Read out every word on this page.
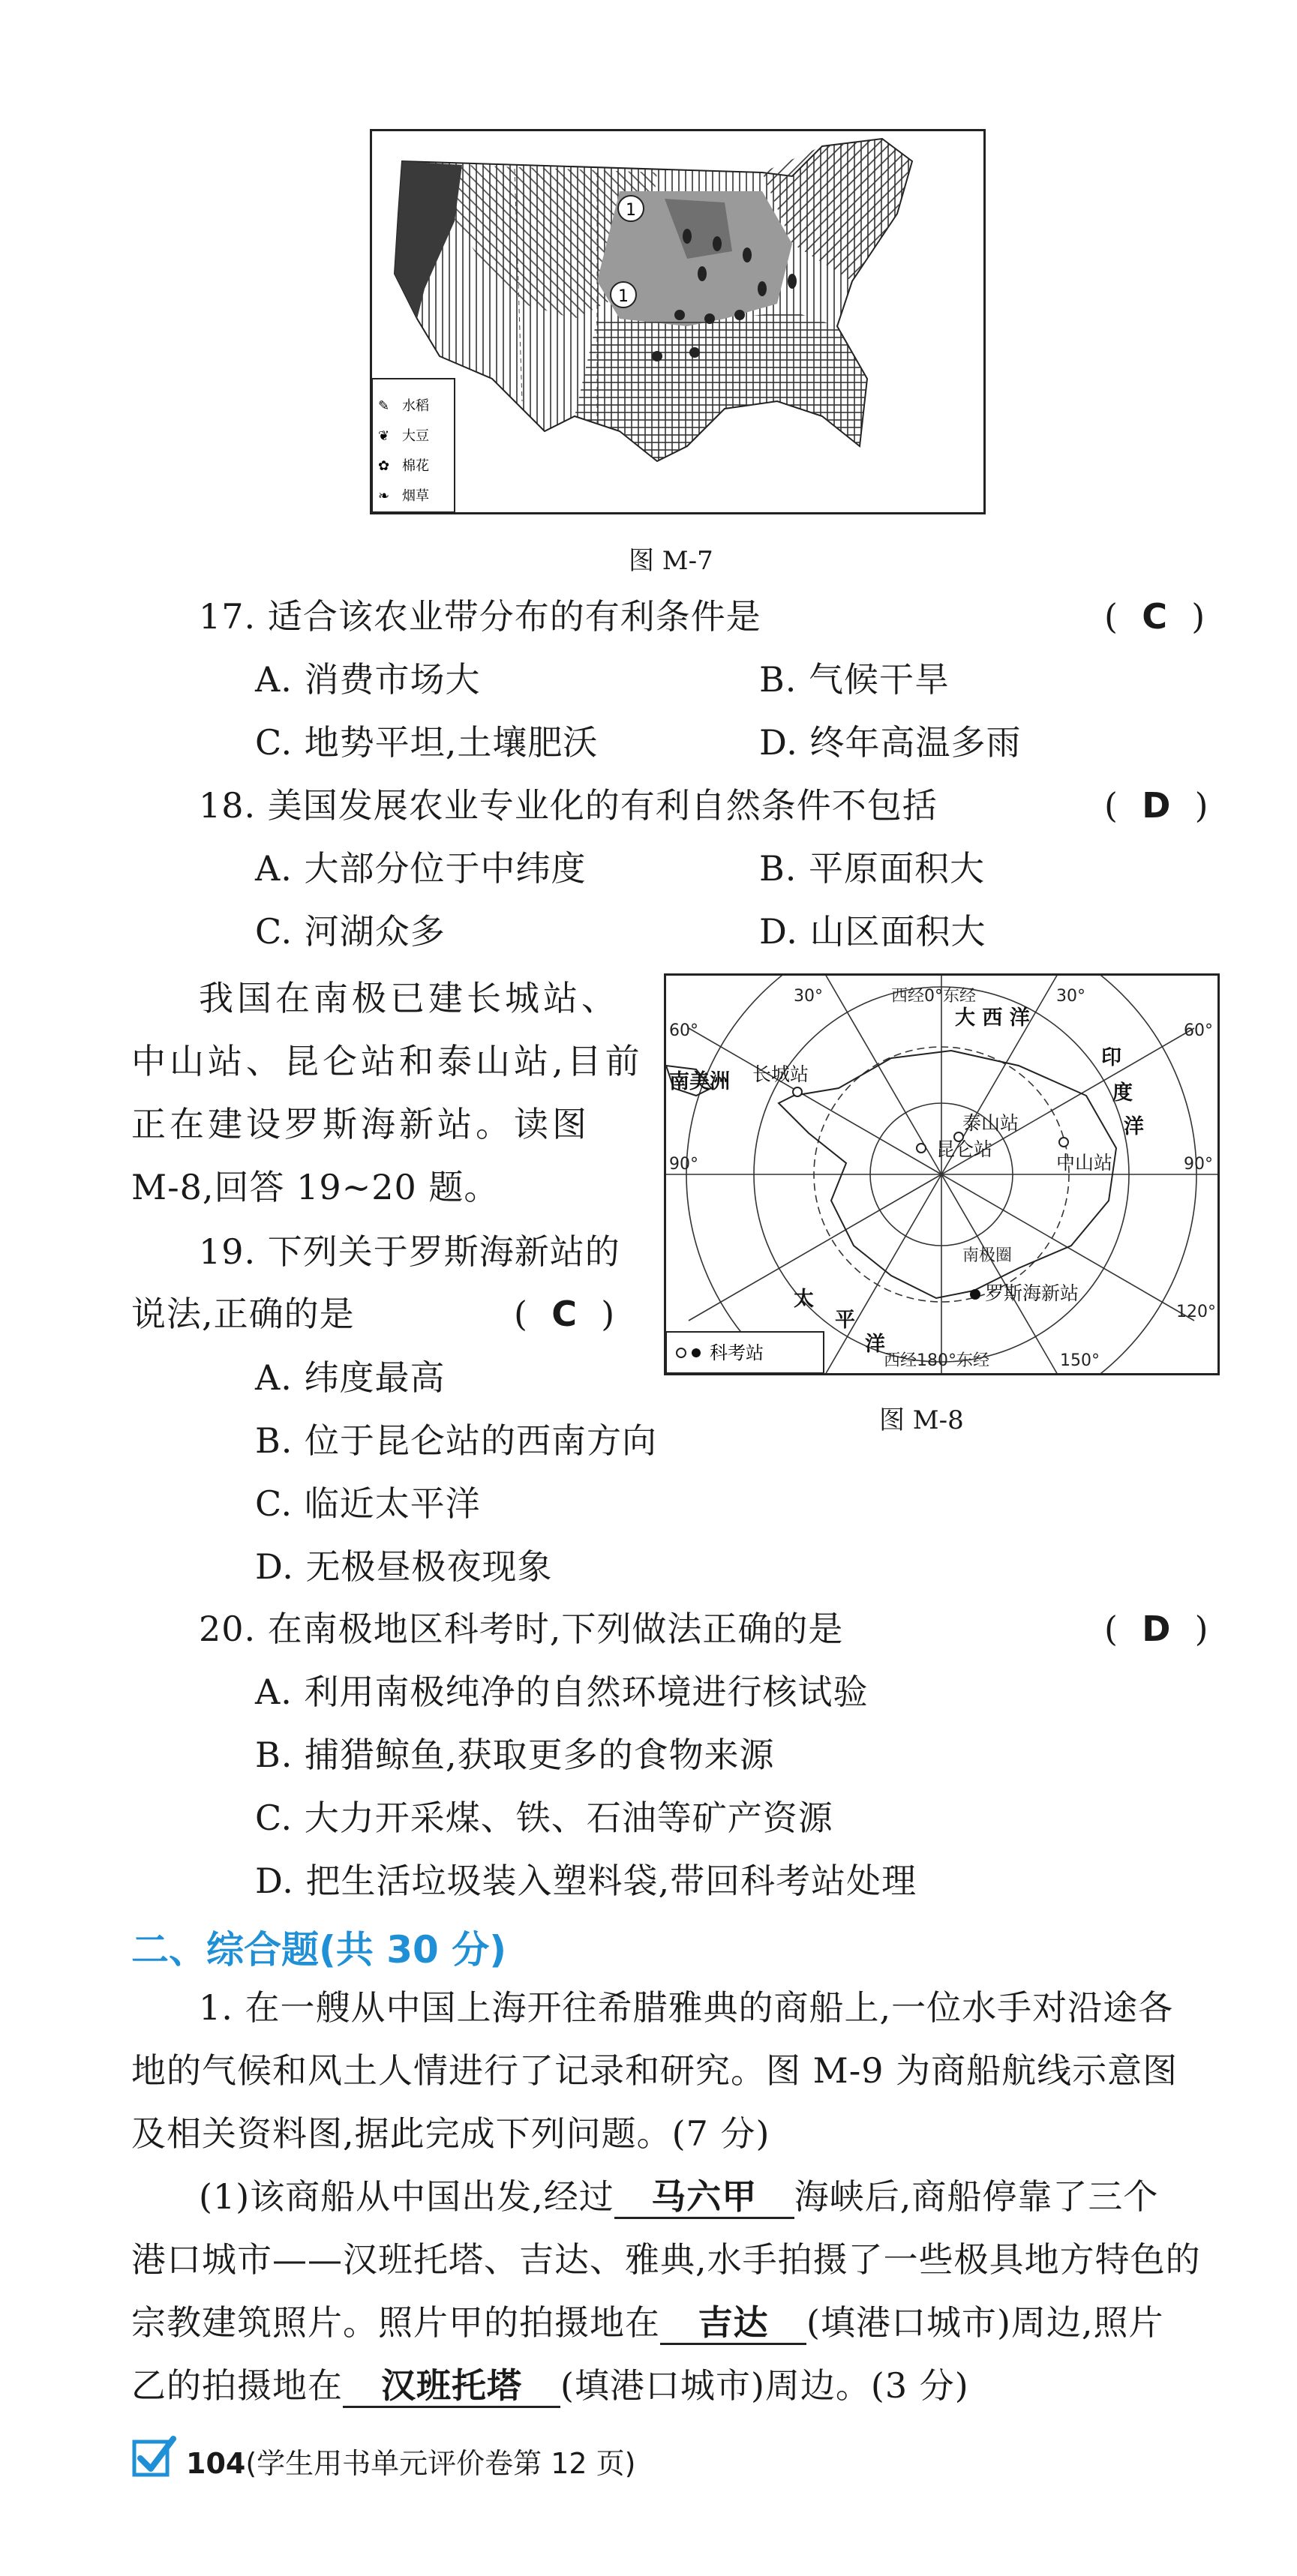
1
1
✎ 水稻
❦ 大豆
✿ 棉花
❧ 烟草
图 M-7
17. 适合该农业带分布的有利条件是	(  C  )
A. 消费市场大	B. 气候干旱
C. 地势平坦,土壤肥沃	D. 终年高温多雨
18. 美国发展农业专业化的有利自然条件不包括	(  D  )
A. 大部分位于中纬度	B. 平原面积大
C. 河湖众多	D. 山区面积大
我国在南极已建长城站、
中山站、昆仑站和泰山站,目前
正在建设罗斯海新站。读图
M-8,回答 19~20 题。
西经0°东经
30°	30°
60°	60°
90°	90°
120°
150°
西经180°东经
南极圈
大 西 洋
印
度
洋
太
平
洋
南美洲 长城站
泰山站
昆仑站
中山站
罗斯海新站
科考站
图 M-8
19. 下列关于罗斯海新站的
说法,正确的是	(  C  )
A. 纬度最高
B. 位于昆仑站的西南方向
C. 临近太平洋
D. 无极昼极夜现象
20. 在南极地区科考时,下列做法正确的是	(  D  )
A. 利用南极纯净的自然环境进行核试验
B. 捕猎鲸鱼,获取更多的食物来源
C. 大力开采煤、铁、石油等矿产资源
D. 把生活垃圾装入塑料袋,带回科考站处理
二、综合题(共 30 分)
1. 在一艘从中国上海开往希腊雅典的商船上,一位水手对沿途各
地的气候和风土人情进行了记录和研究。图 M-9 为商船航线示意图
及相关资料图,据此完成下列问题。(7 分)
(1)该商船从中国出发,经过 马六甲 海峡后,商船停靠了三个
港口城市——汉班托塔、吉达、雅典,水手拍摄了一些极具地方特色的
宗教建筑照片。照片甲的拍摄地在 吉达 (填港口城市)周边,照片
乙的拍摄地在 汉班托塔 (填港口城市)周边。(3 分)
104(学生用书单元评价卷第 12 页)
